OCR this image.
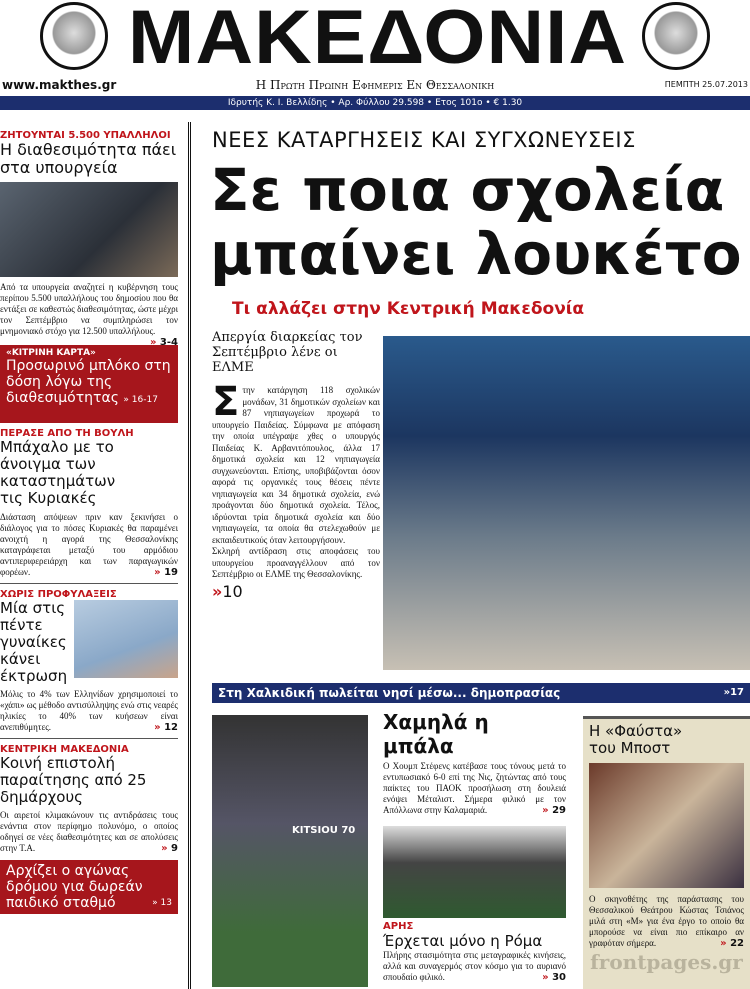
ΜΑΚΕΔΟΝΙΑ
www.makthes.gr	Η Πρωτη Πρωινη Εφημερις Εν Θεσσαλονικη	ΠΕΜΠΤΗ 25.07.2013
Ιδρυτής Κ. Ι. Βελλίδης • Αρ. Φύλλου 29.598 • Ετος 101ο • € 1.30
ΖΗΤΟΥΝΤΑΙ 5.500 ΥΠΑΛΛΗΛΟΙ
Η διαθεσιμότητα πάει στα υπουργεία
Από τα υπουργεία αναζητεί η κυβέρνηση τους περίπου 5.500 υπαλλήλους του δημοσίου που θα εντάξει σε καθεστώς διαθεσιμότητας, ώστε μέχρι τον Σεπτέμβριο να συμπληρώσει τον μνημονιακό στόχο για 12.500 υπαλλήλους.
» 3-4
«ΚΙΤΡΙΝΗ ΚΑΡΤΑ»
Προσωρινό μπλόκο στη δόση λόγω της διαθεσιμότητας » 16-17
ΠΕΡΑΣΕ ΑΠΟ ΤΗ ΒΟΥΛΗ
Μπάχαλο με το άνοιγμα των καταστημάτων τις Κυριακές
Διάσταση απόψεων πριν καν ξεκινήσει ο διάλογος για το πόσες Κυριακές θα παραμένει ανοιχτή η αγορά της Θεσσαλονίκης καταγράφεται μεταξύ του αρμόδιου αντιπεριφερειάρχη και των παραγωγικών φορέων.	» 19
ΧΩΡΙΣ ΠΡΟΦΥΛΑΞΕΙΣ
Μία στις πέντε γυναίκες κάνει έκτρωση
Μόλις το 4% των Ελληνίδων χρησιμοποιεί το «χάπι» ως μέθοδο αντισύλληψης ενώ στις νεαρές ηλικίες το 40% των κυήσεων είναι ανεπιθύμητες.	» 12
ΚΕΝΤΡΙΚΗ ΜΑΚΕΔΟΝΙΑ
Κοινή επιστολή παραίτησης από 25 δημάρχους
Οι αιρετοί κλιμακώνουν τις αντιδράσεις τους ενάντια στον περίφημο πολυνόμο, ο οποίος οδηγεί σε νέες διαθεσιμότητες και σε απολύσεις στην Τ.Α.	» 9
Αρχίζει ο αγώνας δρόμου για δωρεάν παιδικό σταθμό	» 13
ΝΕΕΣ ΚΑΤΑΡΓΗΣΕΙΣ ΚΑΙ ΣΥΓΧΩΝΕΥΣΕΙΣ
Σε ποια σχολεία
μπαίνει λουκέτο
Τι αλλάζει στην Κεντρική Μακεδονία
Απεργία διαρκείας τον Σεπτέμβριο λένε οι ΕΛΜΕ
Στην κατάργηση 118 σχολικών μονάδων, 31 δημοτικών σχολείων και 87 νηπιαγωγείων προχωρά το υπουργείο Παιδείας. Σύμφωνα με απόφαση την οποία υπέγραψε χθες ο υπουργός Παιδείας Κ. Αρβανιτόπουλος, άλλα 17 δημοτικά σχολεία και 12 νηπιαγωγεία συγχωνεύονται. Επίσης, υποβιβάζονται όσον αφορά τις οργανικές τους θέσεις πέντε νηπιαγωγεία και 34 δημοτικά σχολεία, ενώ προάγονται δύο δημοτικά σχολεία. Τέλος, ιδρύονται τρία δημοτικά σχολεία και δύο νηπιαγωγεία, τα οποία θα στελεχωθούν με εκπαιδευτικούς όταν λειτουργήσουν.
Σκληρή αντίδραση στις αποφάσεις του υπουργείου προαναγγέλλουν από τον Σεπτέμβριο οι ΕΛΜΕ της Θεσσαλονίκης.
»10
Στη Χαλκιδική πωλείται νησί μέσω... δημοπρασίας	»17
KITSIOU 70
Χαμηλά η μπάλα
Ο Χουμπ Στέφενς κατέβασε τους τόνους μετά το εντυπωσιακό 6-0 επί της Νις, ζητώντας από τους παίκτες του ΠΑΟΚ προσήλωση στη δουλειά ενόψει Μέταλιστ. Σήμερα φιλικό με τον Απόλλωνα στην Καλαμαριά.	» 29
ΑΡΗΣ
Έρχεται μόνο η Ρόμα
Πλήρης στασιμότητα στις μεταγραφικές κινήσεις, αλλά και συναγερμός στον κόσμο για το αυριανό σπουδαίο φιλικό.	» 30
Η «Φαύστα» του Μποστ
Ο σκηνοθέτης της παράστασης του Θεσσαλικού Θεάτρου Κώστας Τσιάνος μιλά στη «Μ» για ένα έργο το οποίο θα μπορούσε να είναι πιο επίκαιρο αν γραφόταν σήμερα.	» 22
frontpages.gr
